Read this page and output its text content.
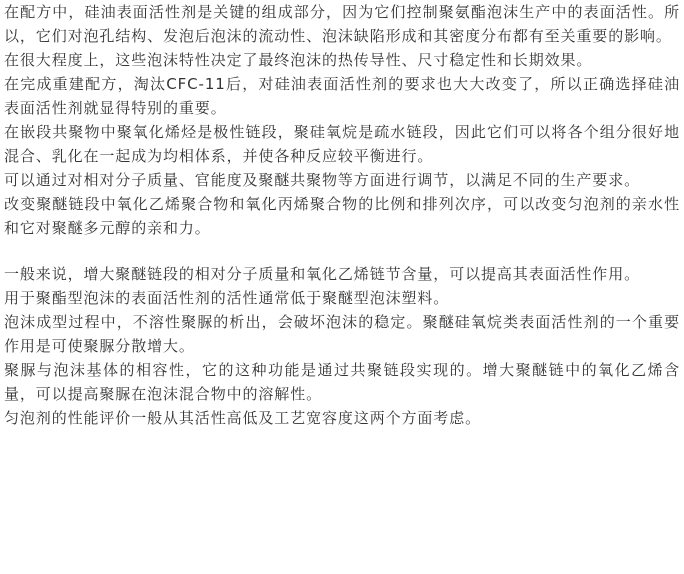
在配方中，硅油表面活性剂是关键的组成部分，因为它们控制聚氨酯泡沫生产中的表面活性。所以，它们对泡孔结构、发泡后泡沫的流动性、泡沫缺陷形成和其密度分布都有至关重要的影响。

在很大程度上，这些泡沫特性决定了最终泡沫的热传导性、尺寸稳定性和长期效果。

在完成重建配方，淘汰CFC-11后，对硅油表面活性剂的要求也大大改变了，所以正确选择硅油表面活性剂就显得特别的重要。

在嵌段共聚物中聚氧化烯烃是极性链段，聚硅氧烷是疏水链段，因此它们可以将各个组分很好地混合、乳化在一起成为均相体系，并使各种反应较平衡进行。

可以通过对相对分子质量、官能度及聚醚共聚物等方面进行调节，以满足不同的生产要求。

改变聚醚链段中氧化乙烯聚合物和氧化丙烯聚合物的比例和排列次序，可以改变匀泡剂的亲水性和它对聚醚多元醇的亲和力。

一般来说，增大聚醚链段的相对分子质量和氧化乙烯链节含量，可以提高其表面活性作用。

用于聚酯型泡沫的表面活性剂的活性通常低于聚醚型泡沫塑料。

泡沫成型过程中，不溶性聚脲的析出，会破坏泡沫的稳定。聚醚硅氧烷类表面活性剂的一个重要作用是可使聚脲分散增大。

聚脲与泡沫基体的相容性，它的这种功能是通过共聚链段实现的。增大聚醚链中的氧化乙烯含量，可以提高聚脲在泡沫混合物中的溶解性。

匀泡剂的性能评价一般从其活性高低及工艺宽容度这两个方面考虑。
